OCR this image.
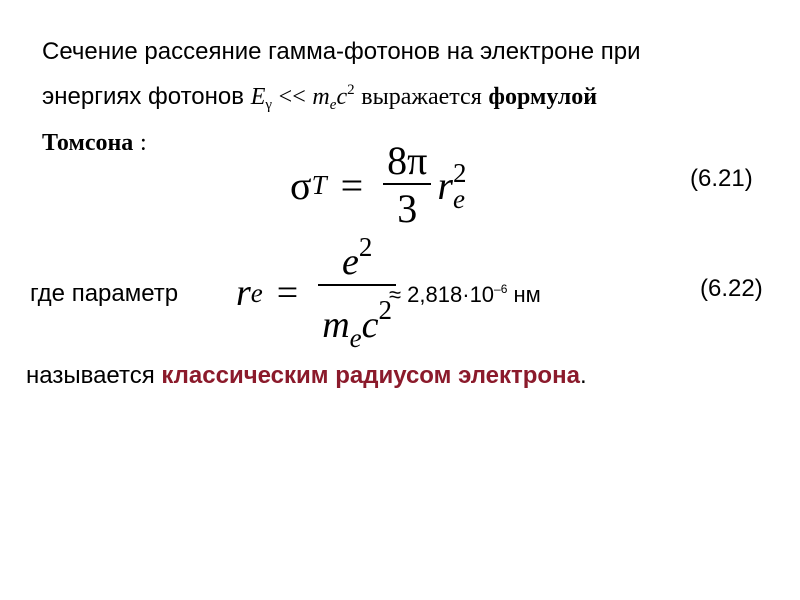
Сечение рассеяние гамма-фотонов на электроне при
энергиях фотонов $E_\gamma << m_ec^2$ выражается формулой
Томсона :
σ $T = \frac{8\pi}{3}$ r 2
e
(6.21)
где параметр r $e = \frac{e^2}{m_ec^2}$
≈ $2,818\cdot 10^{-6}$ нм	(6.22)
называется классическим радиусом электрона.
